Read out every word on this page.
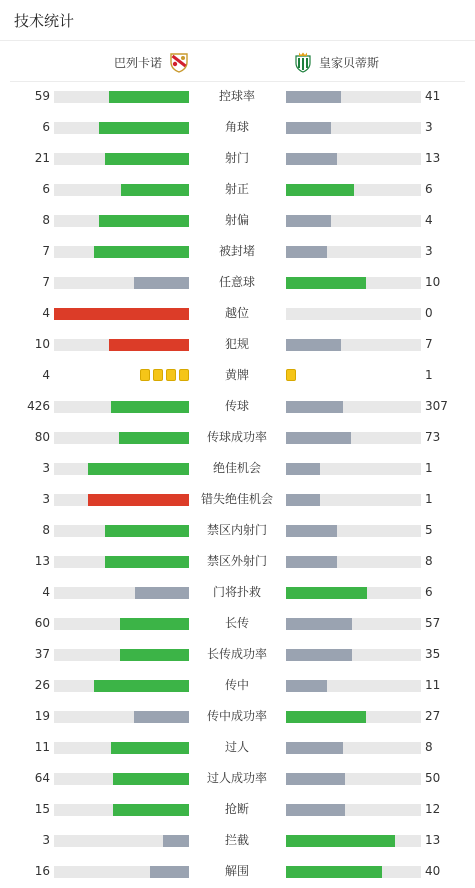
技术统计
巴列卡诺	皇家贝蒂斯
59	控球率	41
6	角球	3
21	射门	13
6	射正	6
8	射偏	4
7	被封堵	3
7	任意球	10
4	越位	0
10	犯规	7
4	黄牌	1
426	传球	307
80	传球成功率	73
3	绝佳机会	1
3	错失绝佳机会	1
8	禁区内射门	5
13	禁区外射门	8
4	门将扑救	6
60	长传	57
37	长传成功率	35
26	传中	11
19	传中成功率	27
11	过人	8
64	过人成功率	50
15	抢断	12
3	拦截	13
16	解围	40
